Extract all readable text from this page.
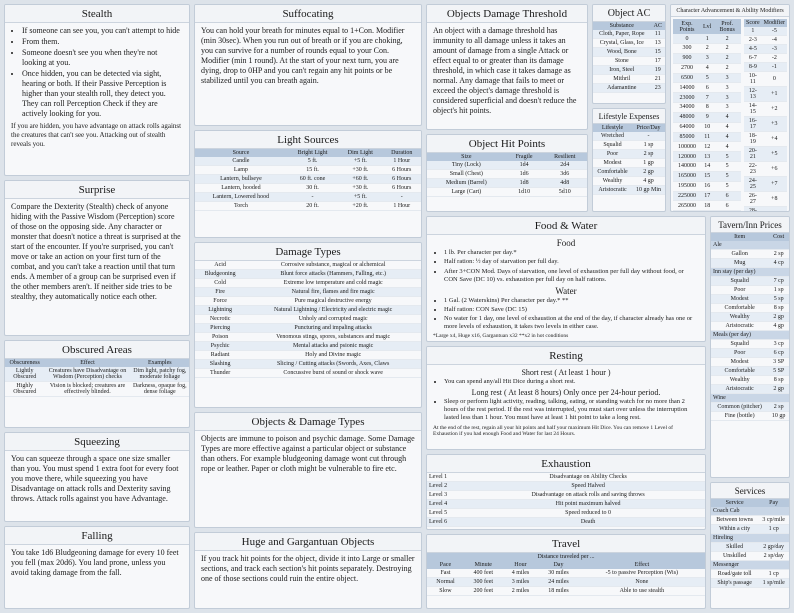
Stealth
• If someone can see you, you can't attempt to hide
• From them.
• Someone doesn't see you when they're not looking at you.
• Once hidden, you can be detected via sight, hearing or both. If their Passive Perception is higher than your stealth roll, they detect you. They can roll Perception Check if they are actively looking for you.
If you are hidden, you have advantage on attack rolls against the creatures that can't see you. Attacking out of stealth reveals you.
Surprise
Compare the Dexterity (Stealth) check of anyone hiding with the Passive Wisdom (Perception) score of those on the opposing side. Any character or monster that doesn't notice a threat is surprised at the start of the encounter. If you're surprised, you can't move or take an action on your first turn of the combat, and you can't take a reaction until that turn ends. A member of a group can be surprised even if the other members aren't. If neither side tries to be stealthy, they automatically notice each other.
Obscured Areas
Obscureness	Effect	Examples
Lightly Obscured	Creatures have Disadvantage on Wisdom (Perception) checks	Dim light, patchy fog, moderate foliage
Highly Obscured	Vision is blocked; creatures are effectively blinded.	Darkness, opaque fog, dense foliage
Squeezing
You can squeeze through a space one size smaller than you. You must spend 1 extra foot for every foot you move there, while squeezing you have Disadvantage on attack rolls and Dexterity saving throws. Attack rolls against you have Advantage.
Falling
You take 1d6 Bludgeoning damage for every 10 feet you fell (max 20d6). You land prone, unless you avoid taking damage from the fall.
Suffocating
You can hold your breath for minutes equal to 1+Con. Modifier (min 30sec). When you run out of breath or if you are choking, you can survive for a number of rounds equal to your Con. Modifier (min 1 round). At the start of your next turn, you are dying, drop to 0HP and you can't regain any hit points or be stabilized until you can breath again.
Light Sources
Source	Bright Light	Dim Light	Duration
Candle	5 ft.	+5 ft.	1 Hour
Lamp	15 ft.	+30 ft.	6 Hours
Lantern, bullseye	60 ft. cone	+60 ft.	6 Hours
Lantern, hooded	30 ft.	+30 ft.	6 Hours
Lantern, Lowered hood	-	+5 ft.	-
Torch	20 ft.	+20 ft.	1 Hour
Damage Types
Acid	Corrosive substance, magical or alchemical
Bludgeoning	Blunt force attacks (Hammers, Falling, etc.)
Cold	Extreme low temperature and cold magic
Fire	Natural fire, flames and fire magic
Force	Pure magical destructive energy
Lightning	Natural Lightning / Electricity and electric magic
Necrotic	Unholy and corrupted magic
Piercing	Puncturing and impaling attacks
Poison	Venomous stings, spores, substances and magic
Psychic	Mental attacks and psionic magic
Radiant	Holy and Divine magic
Slashing	Slicing / Cutting attacks (Swords, Axes, Claws
Thunder	Concussive burst of sound or shock wave
Objects & Damage Types
Objects are immune to poison and psychic damage. Some Damage Types are more effective against a particular object or substance than others. For example bludgeoning damage wont cut through rope or leather. Paper or cloth might be vulnerable to fire etc.
Huge and Gargantuan Objects
If you track hit points for the object, divide it into Large or smaller sections, and track each section's hit points separately. Destroying one of those sections could ruin the entire object.
Objects Damage Threshold
An object with a damage threshold has immunity to all damage unless it takes an amount of damage from a single Attack or effect equal to or greater than its damage threshold, in which case it takes damage as normal. Any damage that fails to meet or exceed the object's damage threshold is considered superficial and doesn't reduce the object's hit points.
Object Hit Points
Size	Fragile	Resilient
Tiny (Lock)	1d4	2d4
Small (Chest)	1d6	3d6
Medium (Barrel)	1d8	4d8
Large (Cart)	1d10	5d10
Object AC
Substance	AC
Cloth, Paper, Rope	11
Crystal, Glass, Ice	13
Wood, Bone	15
Stone	17
Iron, Steel	19
Mithril	21
Adamantine	23
Lifestyle Expenses
Lifestyle	Price/Day
Wretched	-
Squalid	1 sp
Poor	2 sp
Modest	1 gp
Comfortable	2 gp
Wealthy	4 gp
Aristocratic	10 gp Min
Character Advancement & Ability Modifiers
Exp. Points	Lvl	Prof. Bonus
0	1	2
300	2	2
900	3	2
2700	4	2
6500	5	3
14000	6	3
23000	7	3
34000	8	3
48000	9	4
64000	10	4
85000	11	4
100000	12	4
120000	13	5
140000	14	5
165000	15	5
195000	16	5
225000	17	6
265000	18	6

Score	Modifier
1	-5
2-3	-4
4-5	-3
6-7	-2
8-9	-1
10-11	0
12-13	+1
14-15	+2
16-17	+3
18-19	+4
20-21	+5
22-23	+6
24-25	+7
26-27	+8
28-	

Food & Water
Food
• 1 lb. Per character per day.*
• Half ration: ½ day of starvation per full day.
• After 3+CON Mod. Days of starvation, one level of exhaustion per full day without food, or CON Save (DC 10) vs. exhaustion per full day on half rations.
Water
• 1 Gal. (2 Waterskins) Per character per day.* **
• Half ration: CON Save (DC 15)
• No water for 1 day, one level of exhaustion at the end of the day, if character already has one or more levels of exhaustion, it takes two levels in either case.
*Large x4, Huge x16, Gargantuan x32 **x2 in hot conditions
Resting
Short rest ( At least 1 hour )
• You can spend any/all Hit Dice during a short rest.
Long rest ( At least 8 hours) Only once per 24-hour period.
• Sleep or perform light activity, reading, talking, eating, or standing watch for no more than 2 hours of the rest period. If the rest was interrupted, you must start over unless the interruption lasted less than 1 hour. You must have at least 1 hit point to take a long rest.
At the end of the rest, regain all your hit points and half your maximum Hit Dice. You can remove 1 Level of Exhaustion if you had enough Food and Water for last 24 Hours.
Exhaustion
Level 1	Disadvantage on Ability Checks
Level 2	Speed Halved
Level 3	Disadvantage on attack rolls and saving throws
Level 4	Hit point maximum halved
Level 5	Speed reduced to 0
Level 6	Death
Travel
Distance traveled per ...				
Pace	Minute	Hour	Day	Effect
Fast	400 feet	4 miles	30 miles	-5 to passive Perception (Wis)
Normal	300 feet	3 miles	24 miles	None
Slow	200 feet	2 miles	18 miles	Able to use stealth
Tavern/Inn Prices
Item	Cost
Ale	
Gallon	2 sp
Mug	4 cp
Inn stay (per day)	
Squalid	7 cp
Poor	1 sp
Modest	5 sp
Comfortable	8 sp
Wealthy	2 gp
Aristocratic	4 gp
Meals (per day)	
Squalid	3 cp
Poor	6 cp
Modest	3 SP
Comfortable	5 SP
Wealthy	8 sp
Aristocratic	2 gp
Wine	
Common (pitcher)	2 sp
Fine (bottle)	10 gp
Services
Service	Pay
Coach Cab	
Between towns	3 cp/mile
Within a city	1 cp
Hireling	
Skilled	2 gp/day
Unskilled	2 sp/day
Messenger	
Road/gate toll	1 cp
Ship's passage	1 sp/mile
